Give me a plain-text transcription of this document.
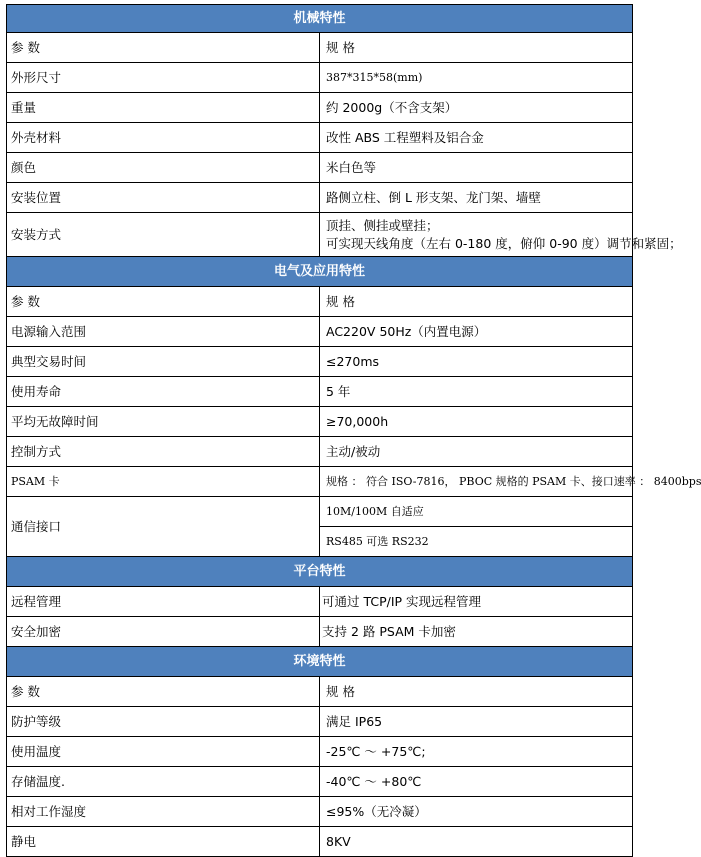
机械特性	
参 数	规 格
外形尺寸	387*315*58(mm)
重量	约 2000g（不含支架）
外壳材料	改性 ABS 工程塑料及铝合金
颜色	米白色等
安装位置	路侧立柱、倒 L 形支架、龙门架、墙壁
安装方式	顶挂、侧挂或壁挂；
可实现天线角度（左右 0-180 度，俯仰 0-90 度）调节和紧固；

电气及应用特性	
参 数	规 格
电源输入范围	AC220V 50Hz（内置电源）
典型交易时间	≤270ms
使用寿命	5 年
平均无故障时间	≥70,000h
控制方式	主动/被动
PSAM 卡	规格 ： 符合 ISO-7816， PBOC 规格的 PSAM 卡、接口速率 ： 8400bps
通信接口	10M/100M 自适应
	RS485 可选 RS232
平台特性	
远程管理	可通过 TCP/IP 实现远程管理
安全加密	支持 2 路 PSAM 卡加密
环境特性	
参 数	规 格
防护等级	满足 IP65
使用温度	-25℃ ～ +75℃;
存储温度.	-40℃ ～ +80℃
相对工作湿度	≤95%（无冷凝）
静电	8KV
